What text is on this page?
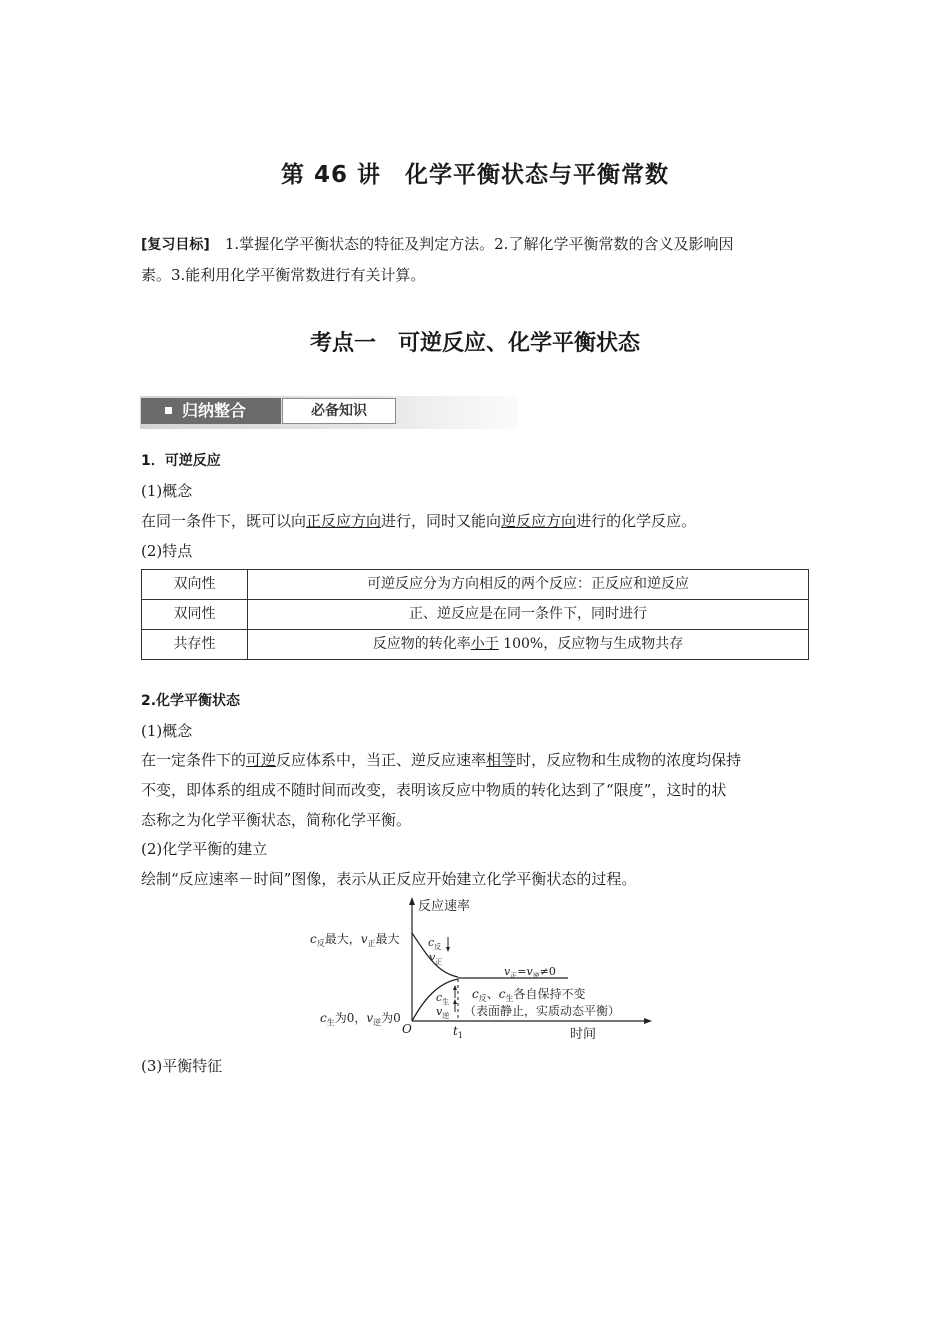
第 46 讲　化学平衡状态与平衡常数
[复习目标]　 1.掌握化学平衡状态的特征及判定方法。2.了解化学平衡常数的含义及影响因
素。3.能利用化学平衡常数进行有关计算。
考点一　可逆反应、化学平衡状态
归纳整合	必备知识
1．可逆反应
(1)概念
在同一条件下，既可以向正反应方向进行，同时又能向逆反应方向进行的化学反应。
(2)特点
双向性	可逆反应分为方向相反的两个反应：正反应和逆反应
双同性	正、逆反应是在同一条件下，同时进行
共存性	反应物的转化率小于 100%，反应物与生成物共存
2.化学平衡状态
(1)概念
在一定条件下的可逆反应体系中，当正、逆反应速率相等时，反应物和生成物的浓度均保持
不变，即体系的组成不随时间而改变，表明该反应中物质的转化达到了“限度”，这时的状
态称之为化学平衡状态，简称化学平衡。
(2)化学平衡的建立
绘制“反应速率－时间”图像，表示从正反应开始建立化学平衡状态的过程。
反应速率
时间
O	$t_1$
$c_反$最大，$v_正$最大
$c_生$为0，$v_逆$为0
$c_反$
$v_正$
$c_生$
$v_逆$
$v_正=v_逆\ne 0$
$c_反$、$c_生$各自保持不变
（表面静止，实质动态平衡）
(3)平衡特征
